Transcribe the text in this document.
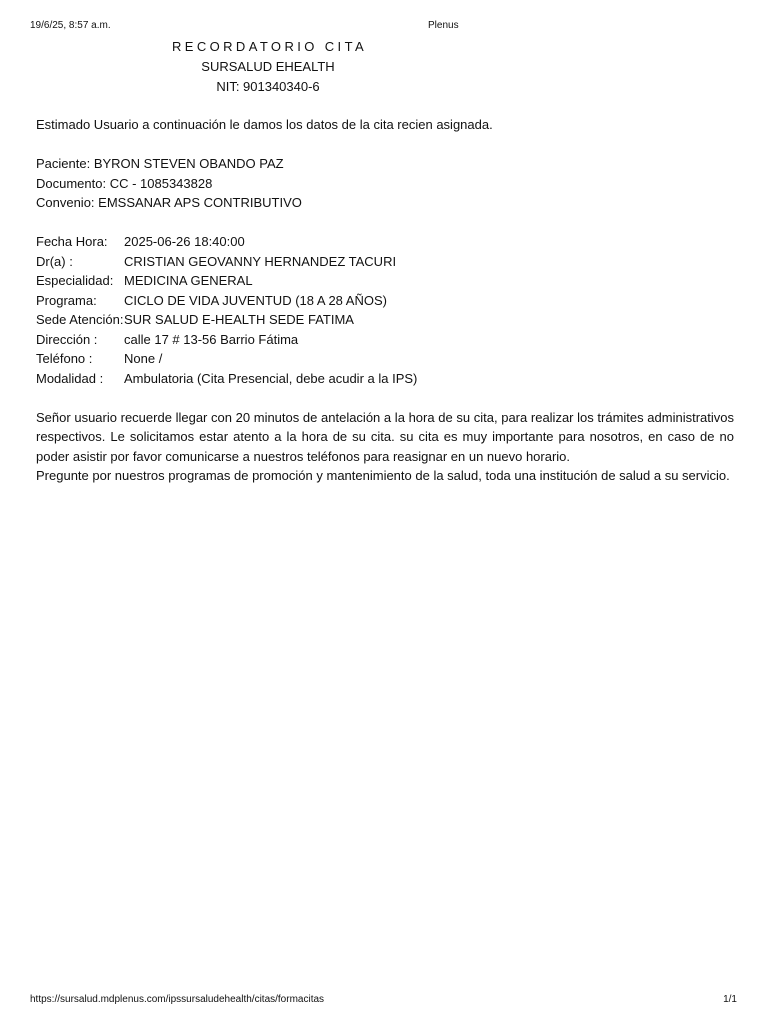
19/6/25, 8:57 a.m.	Plenus
RECORDATORIO CITA
SURSALUD EHEALTH
NIT: 901340340-6

Estimado Usuario a continuación le damos los datos de la cita recien asignada.

Paciente: BYRON STEVEN OBANDO PAZ

Documento: CC - 1085343828

Convenio: EMSSANAR APS CONTRIBUTIVO

Fecha Hora:	2025-06-26 18:40:00
Dr(a) :	CRISTIAN GEOVANNY HERNANDEZ TACURI
Especialidad:	MEDICINA GENERAL
Programa:	CICLO DE VIDA JUVENTUD (18 A 28 AÑOS)
Sede Atención:	SUR SALUD E-HEALTH SEDE FATIMA
Dirección :	calle 17 # 13-56 Barrio Fátima
Teléfono :	None /
Modalidad :	Ambulatoria (Cita Presencial, debe acudir a la IPS)

Señor usuario recuerde llegar con 20 minutos de antelación a la hora de su cita, para realizar los trámites administrativos respectivos. Le solicitamos estar atento a la hora de su cita. su cita es muy importante para nosotros, en caso de no poder asistir por favor comunicarse a nuestros teléfonos para reasignar en un nuevo horario.

Pregunte por nuestros programas de promoción y mantenimiento de la salud, toda una institución de salud a su servicio.

https://sursalud.mdplenus.com/ipssursaludehealth/citas/formacitas	1/1
